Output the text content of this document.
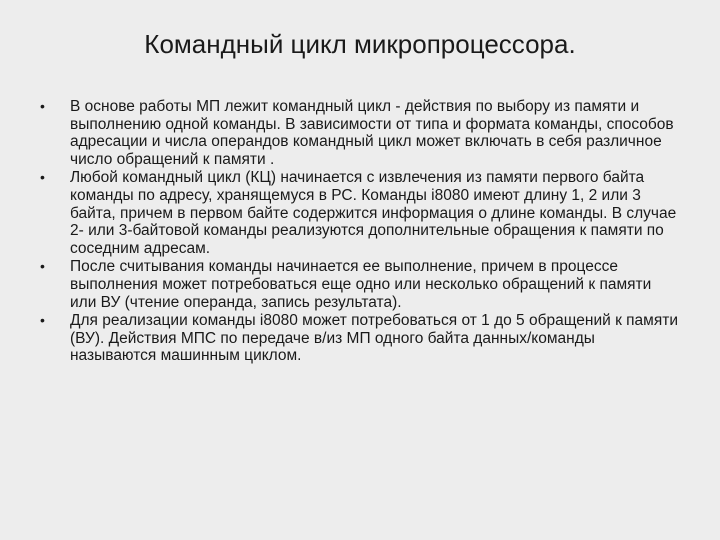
Командный цикл микропроцессора.
•	В основе работы МП лежит командный цикл - действия по выбору из памяти и выполнению одной команды. В зависимости от типа и формата команды, способов адресации и числа операндов командный цикл может включать в себя различное число обращений к памяти .
•	Любой командный цикл (КЦ) начинается с извлечения из памяти первого байта команды по адресу, хранящемуся в РС. Команды i8080 имеют длину 1, 2 или 3 байта, причем в первом байте содержится информация о длине команды. В случае 2- или 3-байтовой команды реализуются дополнительные обращения к памяти по соседним адресам.
•	После считывания команды начинается ее выполнение, причем в процессе выполнения может потребоваться еще одно или несколько обращений к памяти или ВУ (чтение операнда, запись результата).
•	Для реализации команды i8080 может потребоваться от 1 до 5 обращений к памяти (ВУ). Действия МПС по передаче в/из МП одного байта данных/команды называются машинным циклом.
